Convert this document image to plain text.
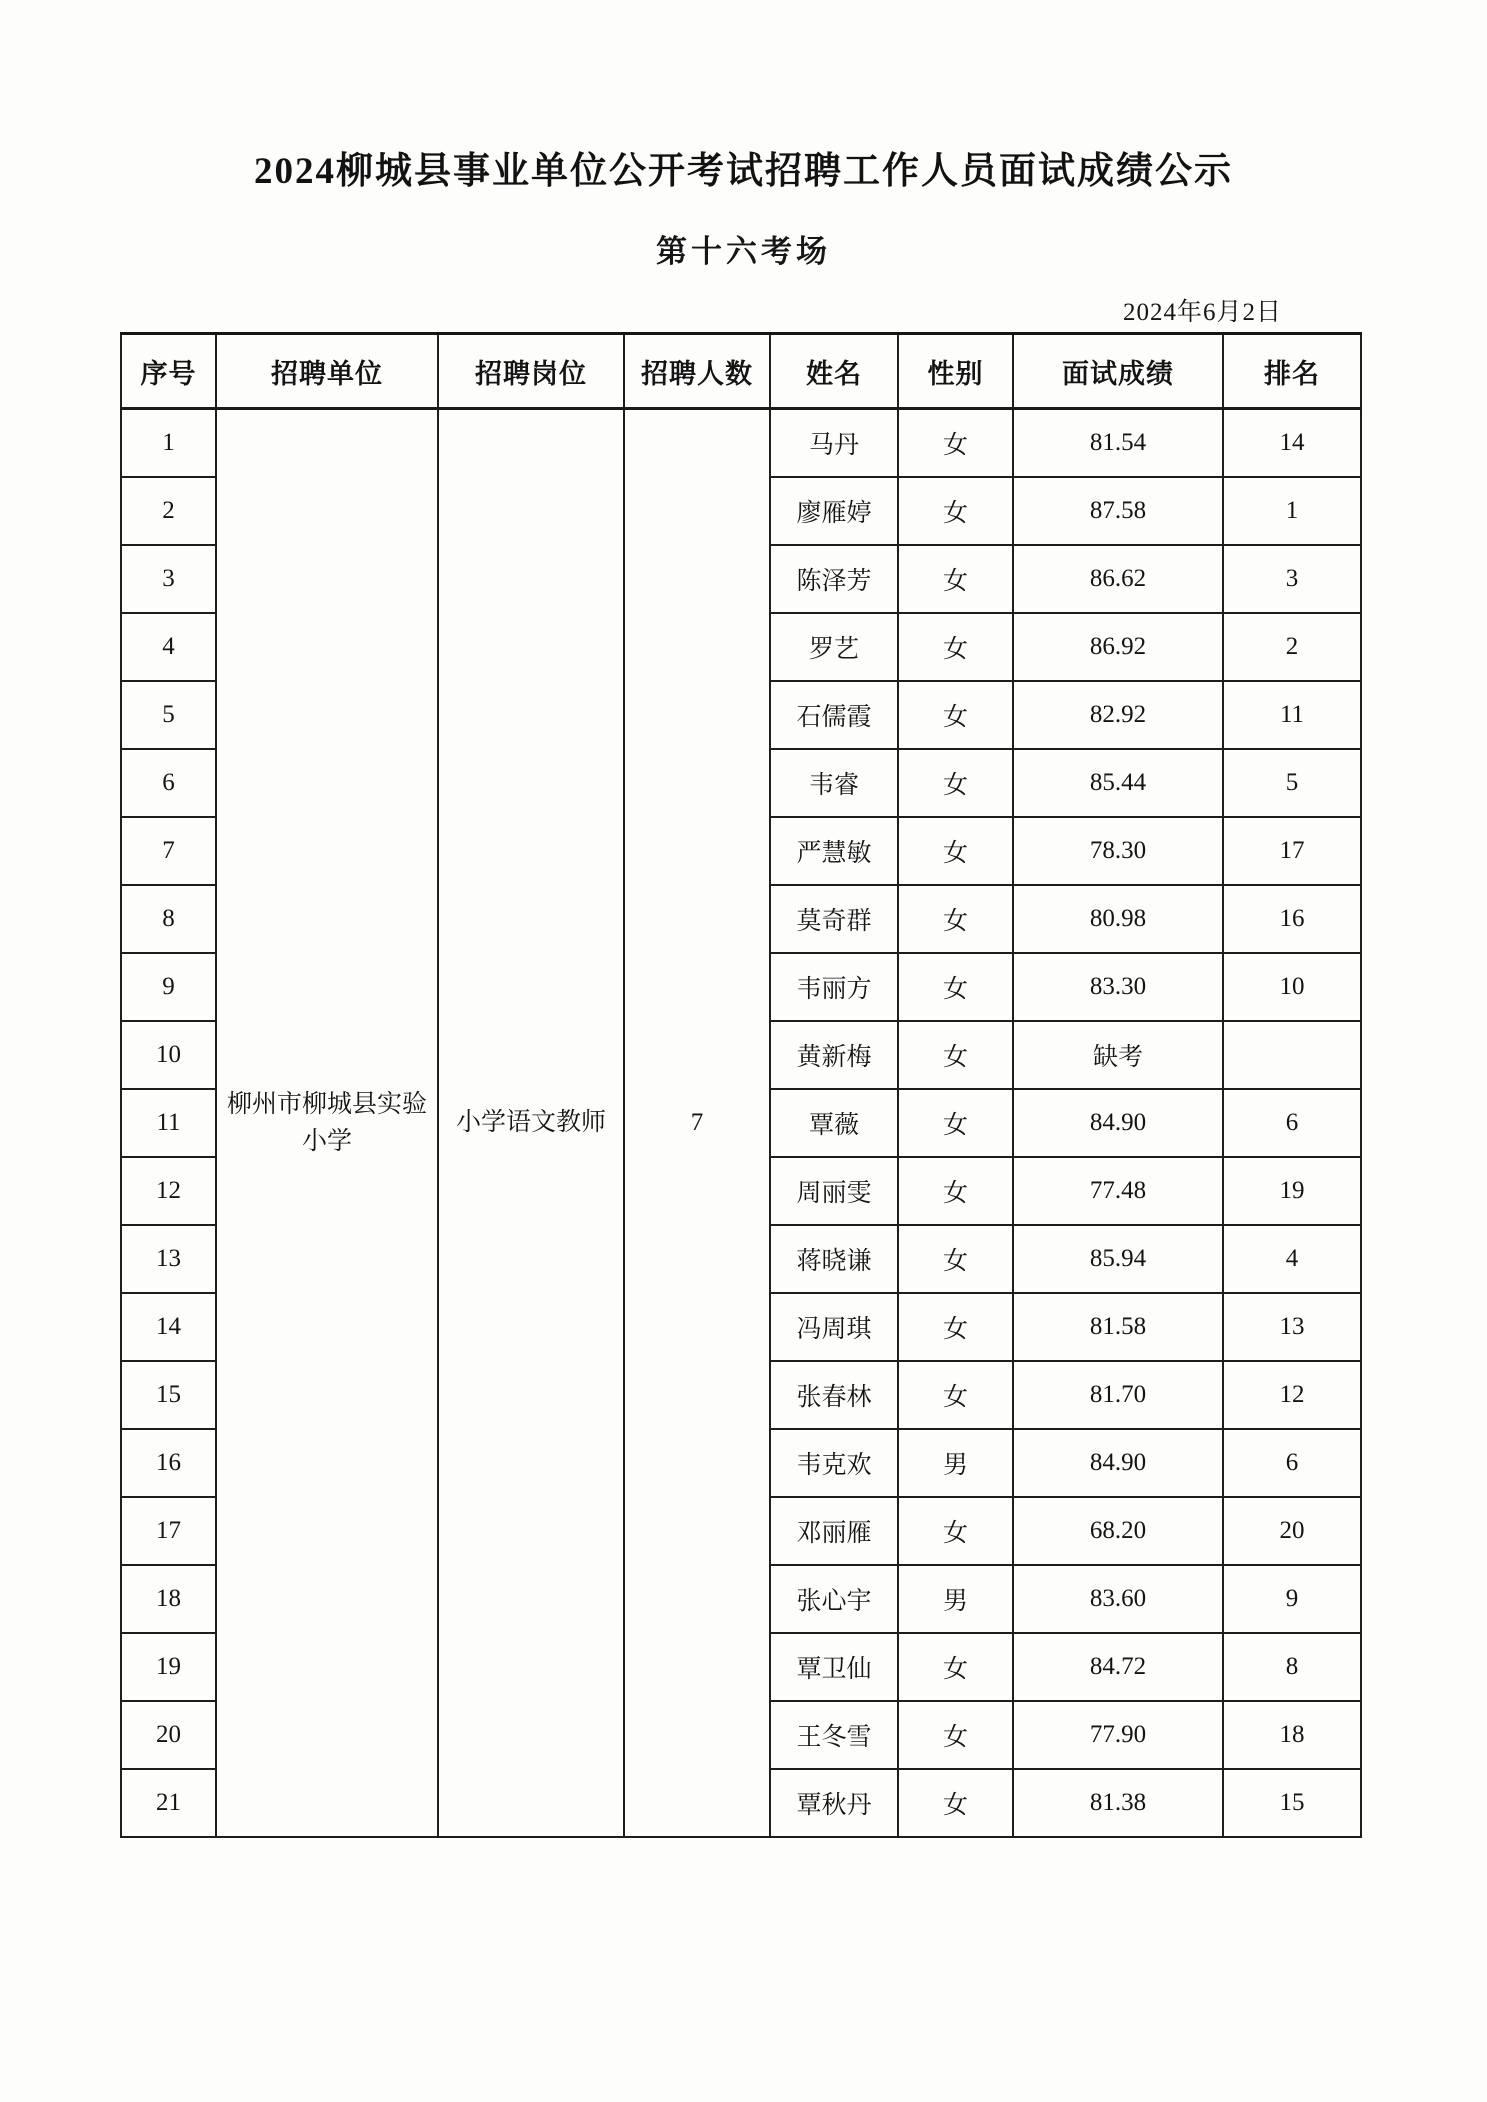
2024柳城县事业单位公开考试招聘工作人员面试成绩公示
第十六考场
2024年6月2日
序号	招聘单位	招聘岗位	招聘人数	姓名	性别	面试成绩	排名
1	柳州市柳城县实验小学	小学语文教师	7	马丹	女	81.54	14
2				廖雁婷	女	87.58	1
3				陈泽芳	女	86.62	3
4				罗艺	女	86.92	2
5				石儒霞	女	82.92	11
6				韦睿	女	85.44	5
7				严慧敏	女	78.30	17
8				莫奇群	女	80.98	16
9				韦丽方	女	83.30	10
10				黄新梅	女	缺考	
11				覃薇	女	84.90	6
12				周丽雯	女	77.48	19
13				蒋晓谦	女	85.94	4
14				冯周琪	女	81.58	13
15				张春林	女	81.70	12
16				韦克欢	男	84.90	6
17				邓丽雁	女	68.20	20
18				张心宇	男	83.60	9
19				覃卫仙	女	84.72	8
20				王冬雪	女	77.90	18
21				覃秋丹	女	81.38	15
